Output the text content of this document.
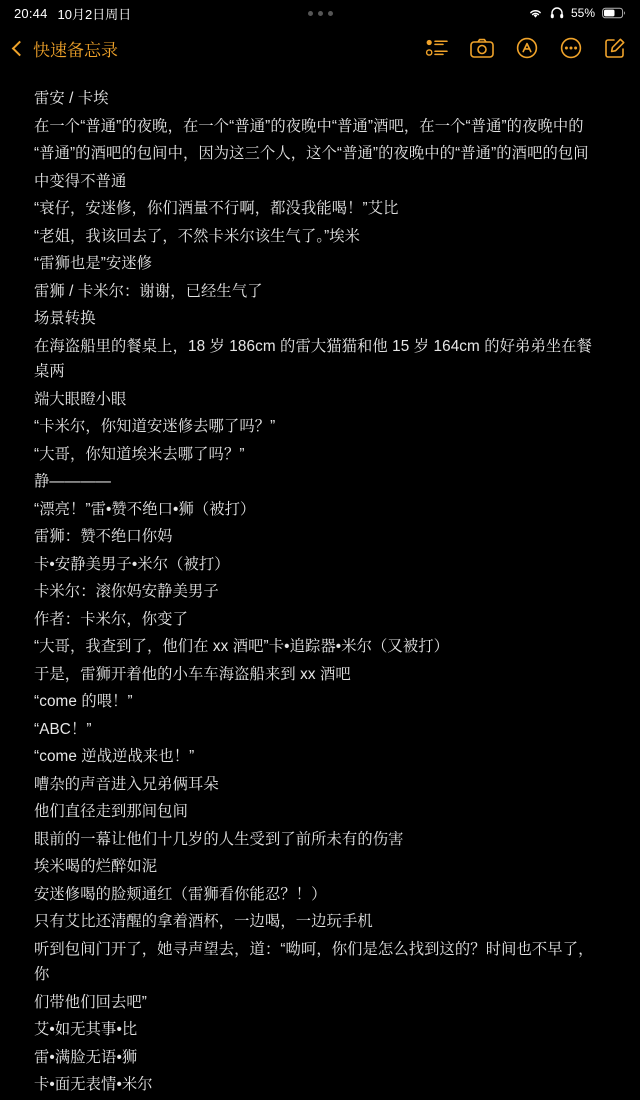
20:44 10月2日周日	55%
快速备忘录

雷安 / 卡埃

在一个“普通”的夜晚，在一个“普通”的夜晚中“普通”酒吧，在一个“普通”的夜晚中的

“普通”的酒吧的包间中，因为这三个人，这个“普通”的夜晚中的“普通”的酒吧的包间

中变得不普通

“衰仔，安迷修，你们酒量不行啊，都没我能喝！”艾比

“老姐，我该回去了，不然卡米尔该生气了。”埃米

“雷狮也是”安迷修

雷狮 / 卡米尔：谢谢，已经生气了

场景转换

在海盗船里的餐桌上，18 岁 186cm 的雷大猫猫和他 15 岁 164cm 的好弟弟坐在餐桌两

端大眼瞪小眼

“卡米尔，你知道安迷修去哪了吗？”

“大哥，你知道埃米去哪了吗？”

静————

“漂亮！”雷•赞不绝口•狮（被打）

雷狮：赞不绝口你妈

卡•安静美男子•米尔（被打）

卡米尔：滚你妈安静美男子

作者：卡米尔，你变了

“大哥，我查到了，他们在 xx 酒吧”卡•追踪器•米尔（又被打）

于是，雷狮开着他的小车车海盗船来到 xx 酒吧

“come 的喂！”

“ABC！”

“come 逆战逆战来也！”

嘈杂的声音进入兄弟俩耳朵

他们直径走到那间包间

眼前的一幕让他们十几岁的人生受到了前所未有的伤害

埃米喝的烂醉如泥

安迷修喝的脸颊通红（雷狮看你能忍？！）

只有艾比还清醒的拿着酒杯，一边喝，一边玩手机

听到包间门开了，她寻声望去，道：“呦呵，你们是怎么找到这的？时间也不早了，你

们带他们回去吧”

艾•如无其事•比

雷•满脸无语•狮

卡•面无表情•米尔
